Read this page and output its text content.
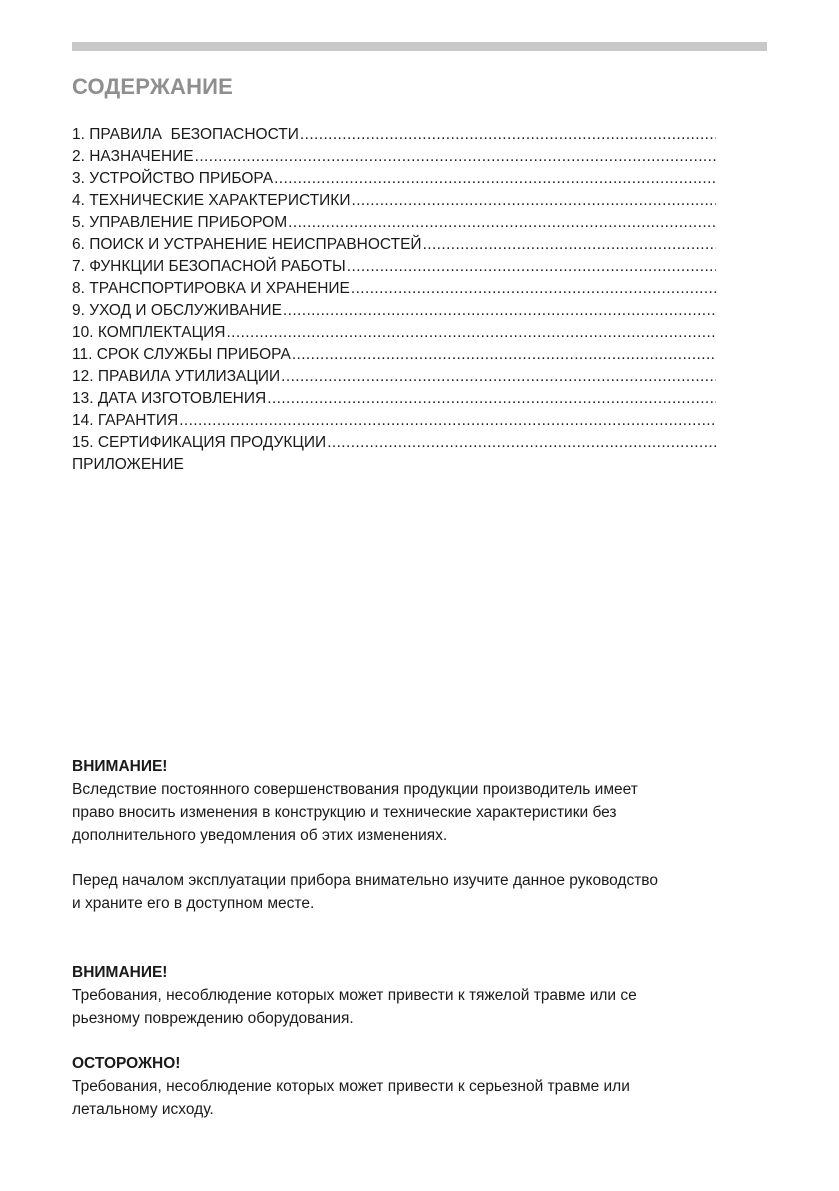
СОДЕРЖАНИЕ
1. ПРАВИЛА  БЕЗОПАСНОСТИ
.....
2. НАЗНАЧЕНИЕ
.....
3. УСТРОЙСТВО ПРИБОРА
.....
4. ТЕХНИЧЕСКИЕ ХАРАКТЕРИСТИКИ
.....
5. УПРАВЛЕНИЕ ПРИБОРОМ
.....
6. ПОИСК И УСТРАНЕНИЕ НЕИСПРАВНОСТЕЙ
.....
7. ФУНКЦИИ БЕЗОПАСНОЙ РАБОТЫ
.....
8. ТРАНСПОРТИРОВКА И ХРАНЕНИЕ
.....
9. УХОД И ОБСЛУЖИВАНИЕ
.....
10. КОМПЛЕКТАЦИЯ
.....
11. СРОК СЛУЖБЫ ПРИБОРА
.....
12. ПРАВИЛА УТИЛИЗАЦИИ
.....
13. ДАТА ИЗГОТОВЛЕНИЯ
.....
14. ГАРАНТИЯ
.....
15. СЕРТИФИКАЦИЯ ПРОДУКЦИИ
.....
ПРИЛОЖЕНИЕ
ВНИМАНИЕ!

Вследствие постоянного совершенствования продукции производитель имеет
право вносить изменения в конструкцию и технические характеристики без
дополнительного уведомления об этих изменениях.

Перед началом эксплуатации прибора внимательно изучите данное руководство
и храните его в доступном месте.

ВНИМАНИЕ!

Требования, несоблюдение которых может привести к тяжелой травме или се
рьезному повреждению оборудования.

ОСТОРОЖНО!

Требования, несоблюдение которых может привести к серьезной травме или
летальному исходу.
